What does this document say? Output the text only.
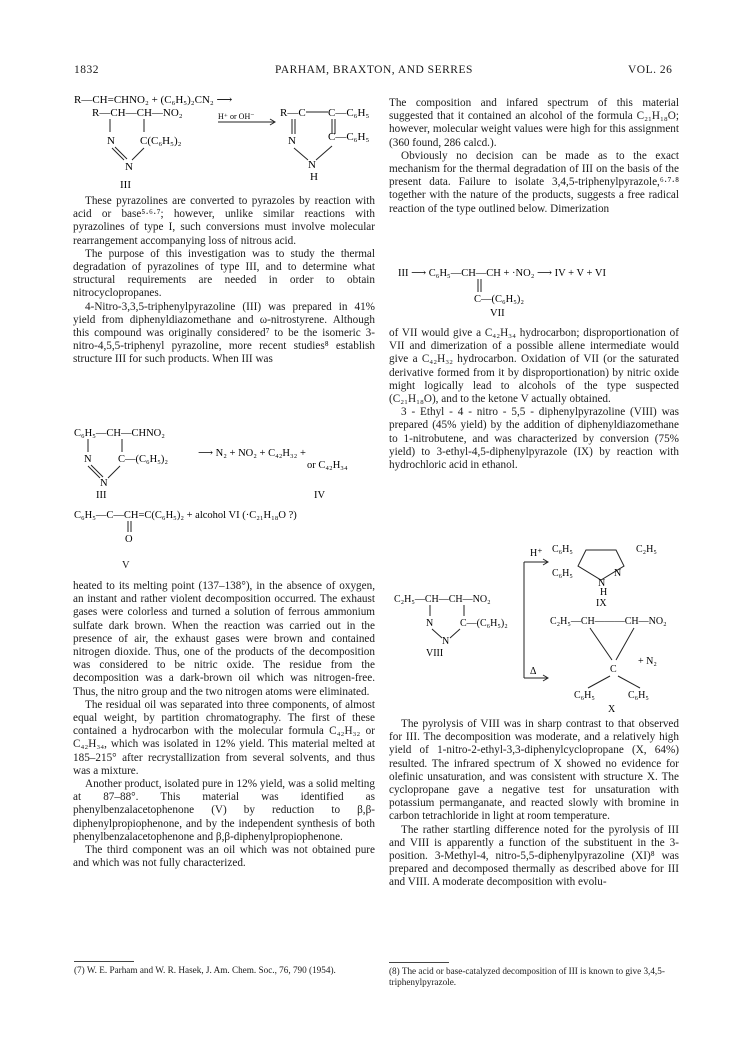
1832	PARHAM, BRAXTON, AND SERRES	VOL. 26
R—CH=CHNO₂ + (C₆H₅)₂CN₂ ⟶
R—CH—CH—NO₂	H⁺ or OH⁻
N C(C₆H₅)₂
N
III
R—C C—C₆H₅
N	C—C₆H₅
N
H

These pyrazolines are converted to pyrazoles by reaction with acid or base⁵·⁶·⁷; however, unlike similar reactions with pyrazolines of type I, such conversions must involve molecular rearrangement accompanying loss of nitrous acid.

The purpose of this investigation was to study the thermal degradation of pyrazolines of type III, and to determine what structural requirements are needed in order to obtain nitrocyclopropanes.

4-Nitro-3,3,5-triphenylpyrazoline (III) was prepared in 41% yield from diphenyldiazomethane and ω-nitrostyrene. Although this compound was originally considered⁷ to be the isomeric 3-nitro-4,5,5-triphenyl pyrazoline, more recent studies⁸ establish structure III for such products. When III was

C₆H₅—CH—CHNO₂
N	C—(C₆H₅)₂
N
⟶ N₂ + NO₂ + C₄₂H₃₂ +
or C₄₂H₃₄
III	IV
C₆H₅—C—CH=C(C₆H₅)₂ + alcohol VI (·C₂₁H₁₈O ?)
O
V

heated to its melting point (137–138°), in the absence of oxygen, an instant and rather violent decomposition occurred. The exhaust gases were colorless and turned a solution of ferrous ammonium sulfate dark brown. When the reaction was carried out in the presence of air, the exhaust gases were brown and contained nitrogen dioxide. Thus, one of the products of the decomposition was considered to be nitric oxide. The residue from the decomposition was a dark-brown oil which was nitrogen-free. Thus, the nitro group and the two nitrogen atoms were eliminated.

The residual oil was separated into three components, of almost equal weight, by partition chromatography. The first of these contained a hydrocarbon with the molecular formula C₄₂H₃₂ or C₄₂H₃₄, which was isolated in 12% yield. This material melted at 185–215° after recrystallization from several solvents, and thus was a mixture.

Another product, isolated pure in 12% yield, was a solid melting at 87–88°. This material was identified as phenylbenzalacetophenone (V) by reduction to β,β-diphenylpropiophenone, and by the independent synthesis of both phenylbenzalacetophenone and β,β-diphenylpropiophenone.

The third component was an oil which was not obtained pure and which was not fully characterized.

(7) W. E. Parham and W. R. Hasek, J. Am. Chem. Soc., 76, 790 (1954).

The composition and infared spectrum of this material suggested that it contained an alcohol of the formula C₂₁H₁₈O; however, molecular weight values were high for this assignment (360 found, 286 calcd.).

Obviously no decision can be made as to the exact mechanism for the thermal degradation of III on the basis of the present data. Failure to isolate 3,4,5-triphenylpyrazole,⁶·⁷·⁸ together with the nature of the products, suggests a free radical reaction of the type outlined below. Dimerization

III ⟶ C₆H₅—CH—CH + ·NO₂ ⟶ IV + V + VI
C—(C₆H₅)₂
VII

of VII would give a C₄₂H₃₄ hydrocarbon; disproportionation of VII and dimerization of a possible allene intermediate would give a C₄₂H₃₂ hydrocarbon. Oxidation of VII (or the saturated derivative formed from it by disproportionation) by nitric oxide might logically lead to alcohols of the type suspected (C₂₁H₁₈O), and to the ketone V actually obtained.

3 - Ethyl - 4 - nitro - 5,5 - diphenylpyrazoline (VIII) was prepared (45% yield) by the addition of diphenyldiazomethane to 1-nitrobutene, and was characterized by conversion (75% yield) to 3-ethyl-4,5-diphenylpyrazole (IX) by reaction with hydrochloric acid in ethanol.

C₂H₅—CH—CH—NO₂
N	C—(C₆H₅)₂
N
VIII
H⁺
Δ
C₆H₅	C₂H₅
C₆H₅	N
N
H
IX
C₂H₅—CH———CH—NO₂
C
+ N₂
C₆H₅	C₆H₅
X

The pyrolysis of VIII was in sharp contrast to that observed for III. The decomposition was moderate, and a relatively high yield of 1-nitro-2-ethyl-3,3-diphenylcyclopropane (X, 64%) resulted. The infrared spectrum of X showed no evidence for olefinic unsaturation, and was consistent with structure X. The cyclopropane gave a negative test for unsaturation with potassium permanganate, and reacted slowly with bromine in carbon tetrachloride in light at room temperature.

The rather startling difference noted for the pyrolysis of III and VIII is apparently a function of the substituent in the 3-position. 3-Methyl-4, nitro-5,5-diphenylpyrazoline (XI)⁸ was prepared and decomposed thermally as described above for III and VIII. A moderate decomposition with evolu-

(8) The acid or base-catalyzed decomposition of III is known to give 3,4,5-triphenylpyrazole.
